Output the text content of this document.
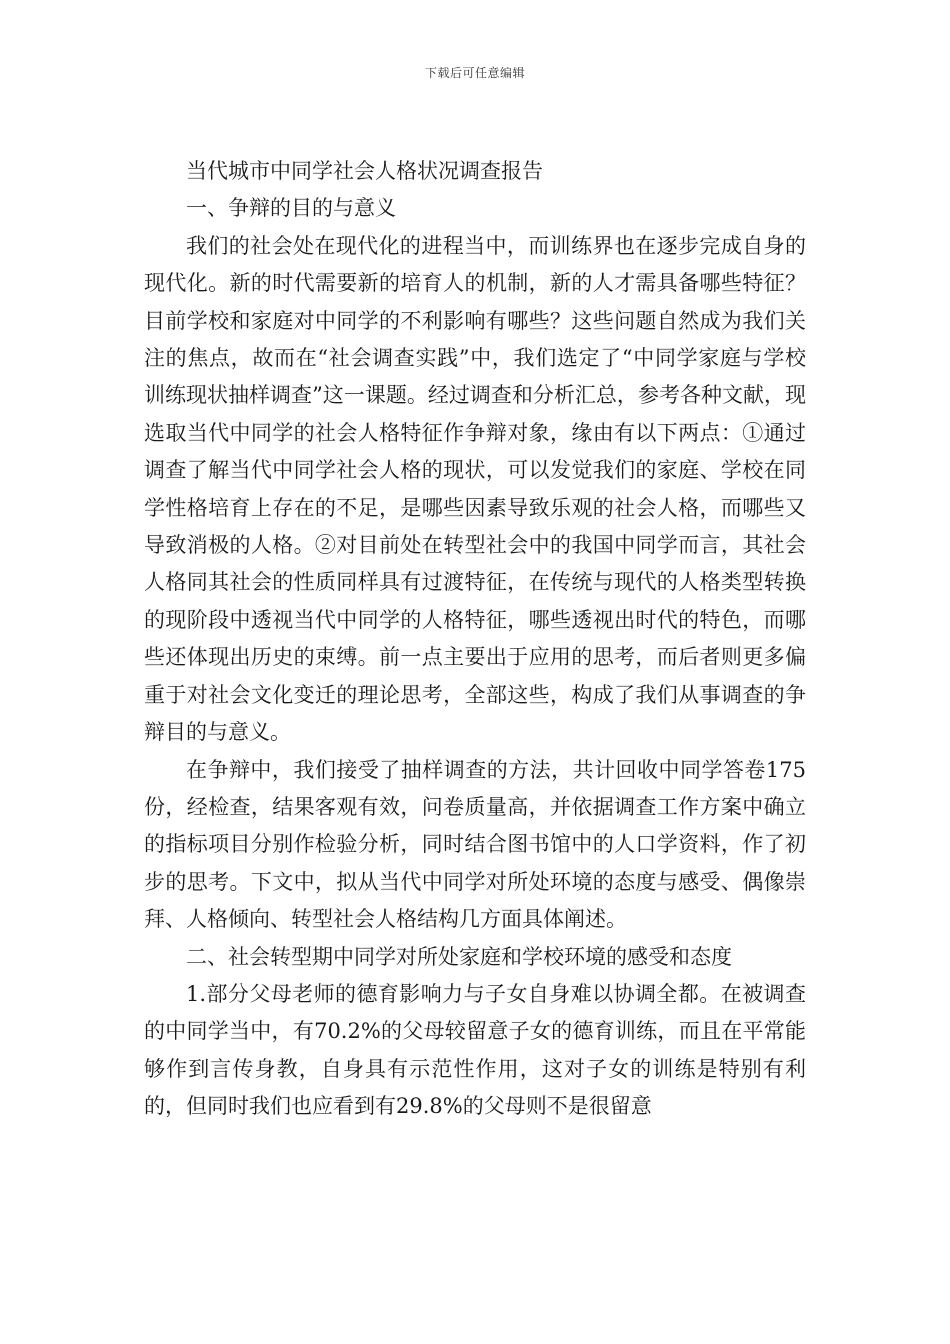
下载后可任意编辑

当代城市中同学社会人格状况调查报告

一、争辩的目的与意义

我们的社会处在现代化的进程当中，而训练界也在逐步完成自身的现代化。新的时代需要新的培育人的机制，新的人才需具备哪些特征？目前学校和家庭对中同学的不利影响有哪些？这些问题自然成为我们关注的焦点，故而在“社会调查实践”中，我们选定了“中同学家庭与学校训练现状抽样调查”这一课题。经过调查和分析汇总，参考各种文献，现选取当代中同学的社会人格特征作争辩对象，缘由有以下两点：①通过调查了解当代中同学社会人格的现状，可以发觉我们的家庭、学校在同学性格培育上存在的不足，是哪些因素导致乐观的社会人格，而哪些又导致消极的人格。②对目前处在转型社会中的我国中同学而言，其社会人格同其社会的性质同样具有过渡特征，在传统与现代的人格类型转换的现阶段中透视当代中同学的人格特征，哪些透视出时代的特色，而哪些还体现出历史的束缚。前一点主要出于应用的思考，而后者则更多偏重于对社会文化变迁的理论思考，全部这些，构成了我们从事调查的争辩目的与意义。

在争辩中，我们接受了抽样调查的方法，共计回收中同学答卷175份，经检查，结果客观有效，问卷质量高，并依据调查工作方案中确立的指标项目分别作检验分析，同时结合图书馆中的人口学资料，作了初步的思考。下文中，拟从当代中同学对所处环境的态度与感受、偶像崇拜、人格倾向、转型社会人格结构几方面具体阐述。

二、社会转型期中同学对所处家庭和学校环境的感受和态度

1.部分父母老师的德育影响力与子女自身难以协调全都。在被调查的中同学当中，有70.2%的父母较留意子女的德育训练，而且在平常能够作到言传身教，自身具有示范性作用，这对子女的训练是特别有利的，但同时我们也应看到有29.8%的父母则不是很留意
